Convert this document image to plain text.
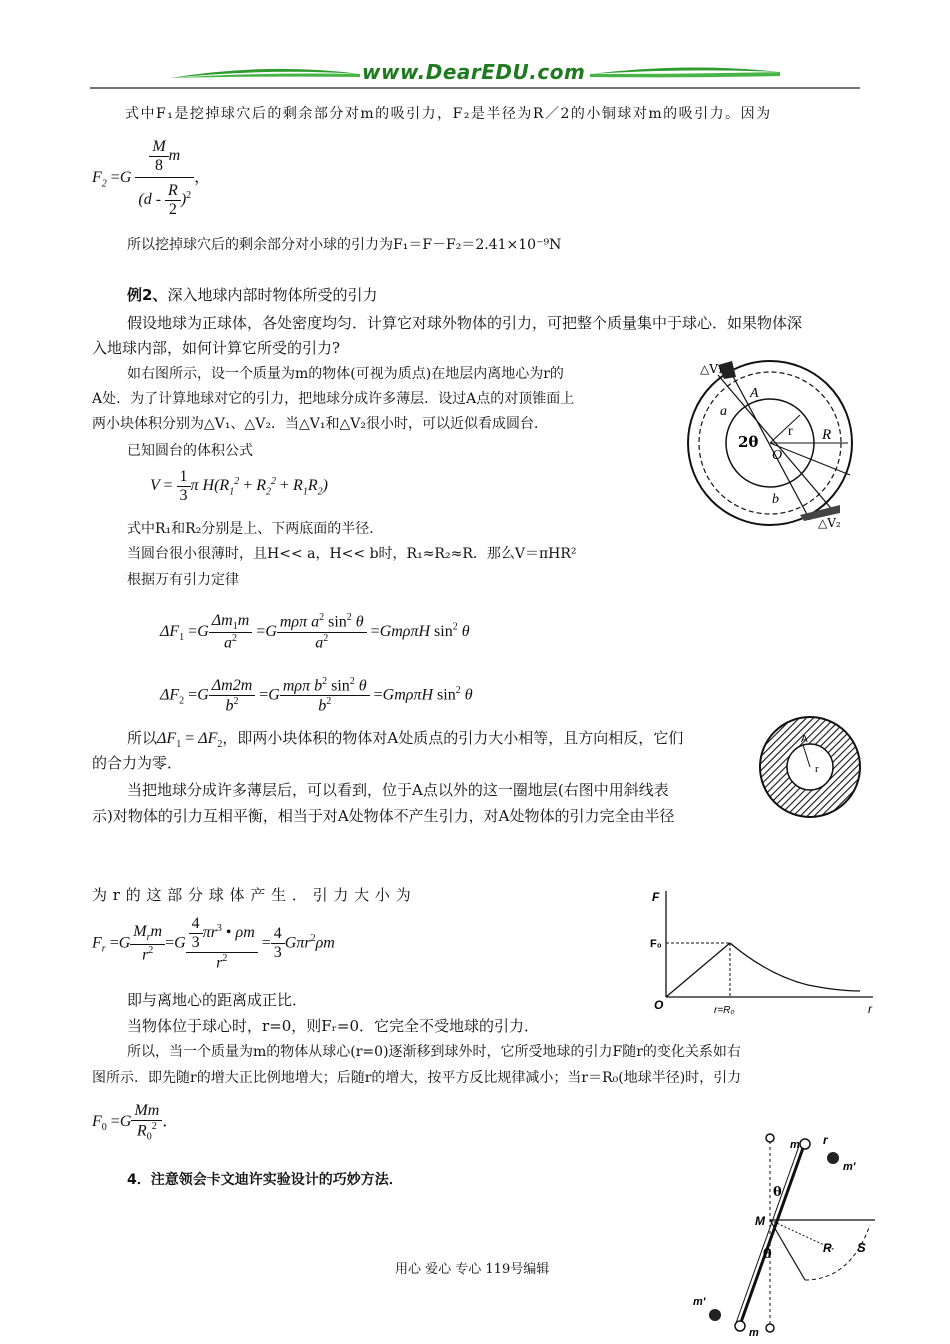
www.DearEDU.com
式中F₁是挖掉球穴后的剩余部分对m的吸引力，F₂是半径为R／2的小铜球对m的吸引力。因为
$F_2 =G \frac{\frac{M}{8} m}{(d - \frac{R}{2} )^2}$ ，
所以挖掉球穴后的剩余部分对小球的引力为F₁＝F－F₂＝2.41×10⁻⁹N
例2、深入地球内部时物体所受的引力
假设地球为正球体，各处密度均匀．计算它对球外物体的引力，可把整个质量集中于球心．如果物体深
入地球内部，如何计算它所受的引力?
如右图所示，设一个质量为m的物体(可视为质点)在地层内离地心为r的
A处．为了计算地球对它的引力，把地球分成许多薄层．设过A点的对顶锥面上
两小块体积分别为△V₁、△V₂．当△V₁和△V₂很小时，可以近似看成圆台．
已知圆台的体积公式
$V = \frac{1}{3}$ π $H(R_1^2 + R_2^2 + R_1R_2)$
式中R₁和R₂分别是上、下两底面的半径．
当圆台很小很薄时，且H<< a，H<< b时，R₁≈R₂≈R．那么V＝πHR²
根据万有引力定律
$\Delta F_1 =G \frac{\Delta m_1m}{a^2} =G \frac{m\rho\pi a^2 \sin^2 \theta}{a^2} =Gm\rho\pi H$ $\sin^2 \theta$
$\Delta F_2 =G \frac{\Delta m2m}{b^2} =G \frac{m\rho\pi b^2 \sin^2 \theta}{b^2} =Gm\rho\pi H$ $\sin^2 \theta$
所以$\Delta F_1 = \Delta F_2$，即两小块体积的物体对A处质点的引力大小相等，且方向相反，它们
的合力为零．
当把地球分成许多薄层后，可以看到，位于A点以外的这一圈地层(右图中用斜线表
示)对物体的引力互相平衡，相当于对A处物体不产生引力，对A处物体的引力完全由半径
为 r 的 这 部 分 球 体 产 生 ． 引 力 大 小 为
$F_r =G \frac{M_rm}{r^2} =G \frac{\frac{4}{3} \pi r^3 • \rho m}{r^2} = \frac{4}{3} G\pi r^2\rho m$
即与离地心的距离成正比．
当物体位于球心时，r=0，则Fᵣ=0．它完全不受地球的引力．
所以，当一个质量为m的物体从球心(r=0)逐渐移到球外时，它所受地球的引力F随r的变化关系如右
图所示．即先随r的增大正比例地增大；后随r的增大，按平方反比规律减小；当r＝R₀(地球半径)时，引力
$F_0 =G \frac{Mm}{R_0^2}$ ．
4．注意领会卡文迪许实验设计的巧妙方法．
用心 爱心 专心 119号编辑
△V₁
A
a
2θ
r R
O
b
△V₂
A
r
F
F₀
O	r=R₀	r
m r
m′
θ
M
R S
θ
m′
m
